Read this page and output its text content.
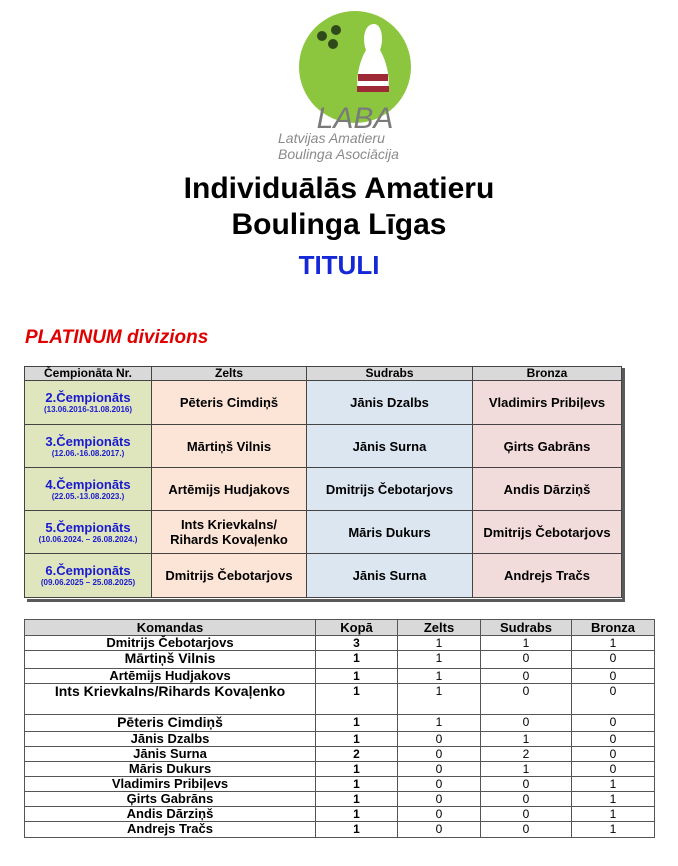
LABA
Latvijas Amatieru
Boulinga Asociācija
Individuālās Amatieru
Boulinga Līgas
TITULI
PLATINUM divizions
Čempionāta Nr.	Zelts	Sudrabs	Bronza

2.Čempionāts
(13.06.2016-31.08.2016)	Pēteris Cimdiņš	Jānis Dzalbs	Vladimirs Pribiļevs

3.Čempionāts
(12.06.-16.08.2017.)	Mārtiņš Vilnis	Jānis Surna	Ģirts Gabrāns

4.Čempionāts
(22.05.-13.08.2023.)	Artēmijs Hudjakovs	Dmitrijs Čebotarjovs	Andis Dārziņš

5.Čempionāts
(10.06.2024. – 26.08.2024.)	Ints Krievkalns/ Rihards Kovaļenko	Māris Dukurs	Dmitrijs Čebotarjovs

6.Čempionāts
(09.06.2025 – 25.08.2025)	Dmitrijs Čebotarjovs	Jānis Surna	Andrejs Tračs
Komandas	Kopā	Zelts	Sudrabs	Bronza
Dmitrijs Čebotarjovs	3	1	1	1
Mārtiņš Vilnis	1	1	0	0
Artēmijs Hudjakovs	1	1	0	0
Ints Krievkalns/Rihards Kovaļenko	1	1	0	0
Pēteris Cimdiņš	1	1	0	0
Jānis Dzalbs	1	0	1	0
Jānis Surna	2	0	2	0
Māris Dukurs	1	0	1	0
Vladimirs Pribiļevs	1	0	0	1
Ģirts Gabrāns	1	0	0	1
Andis Dārziņš	1	0	0	1
Andrejs Tračs	1	0	0	1
